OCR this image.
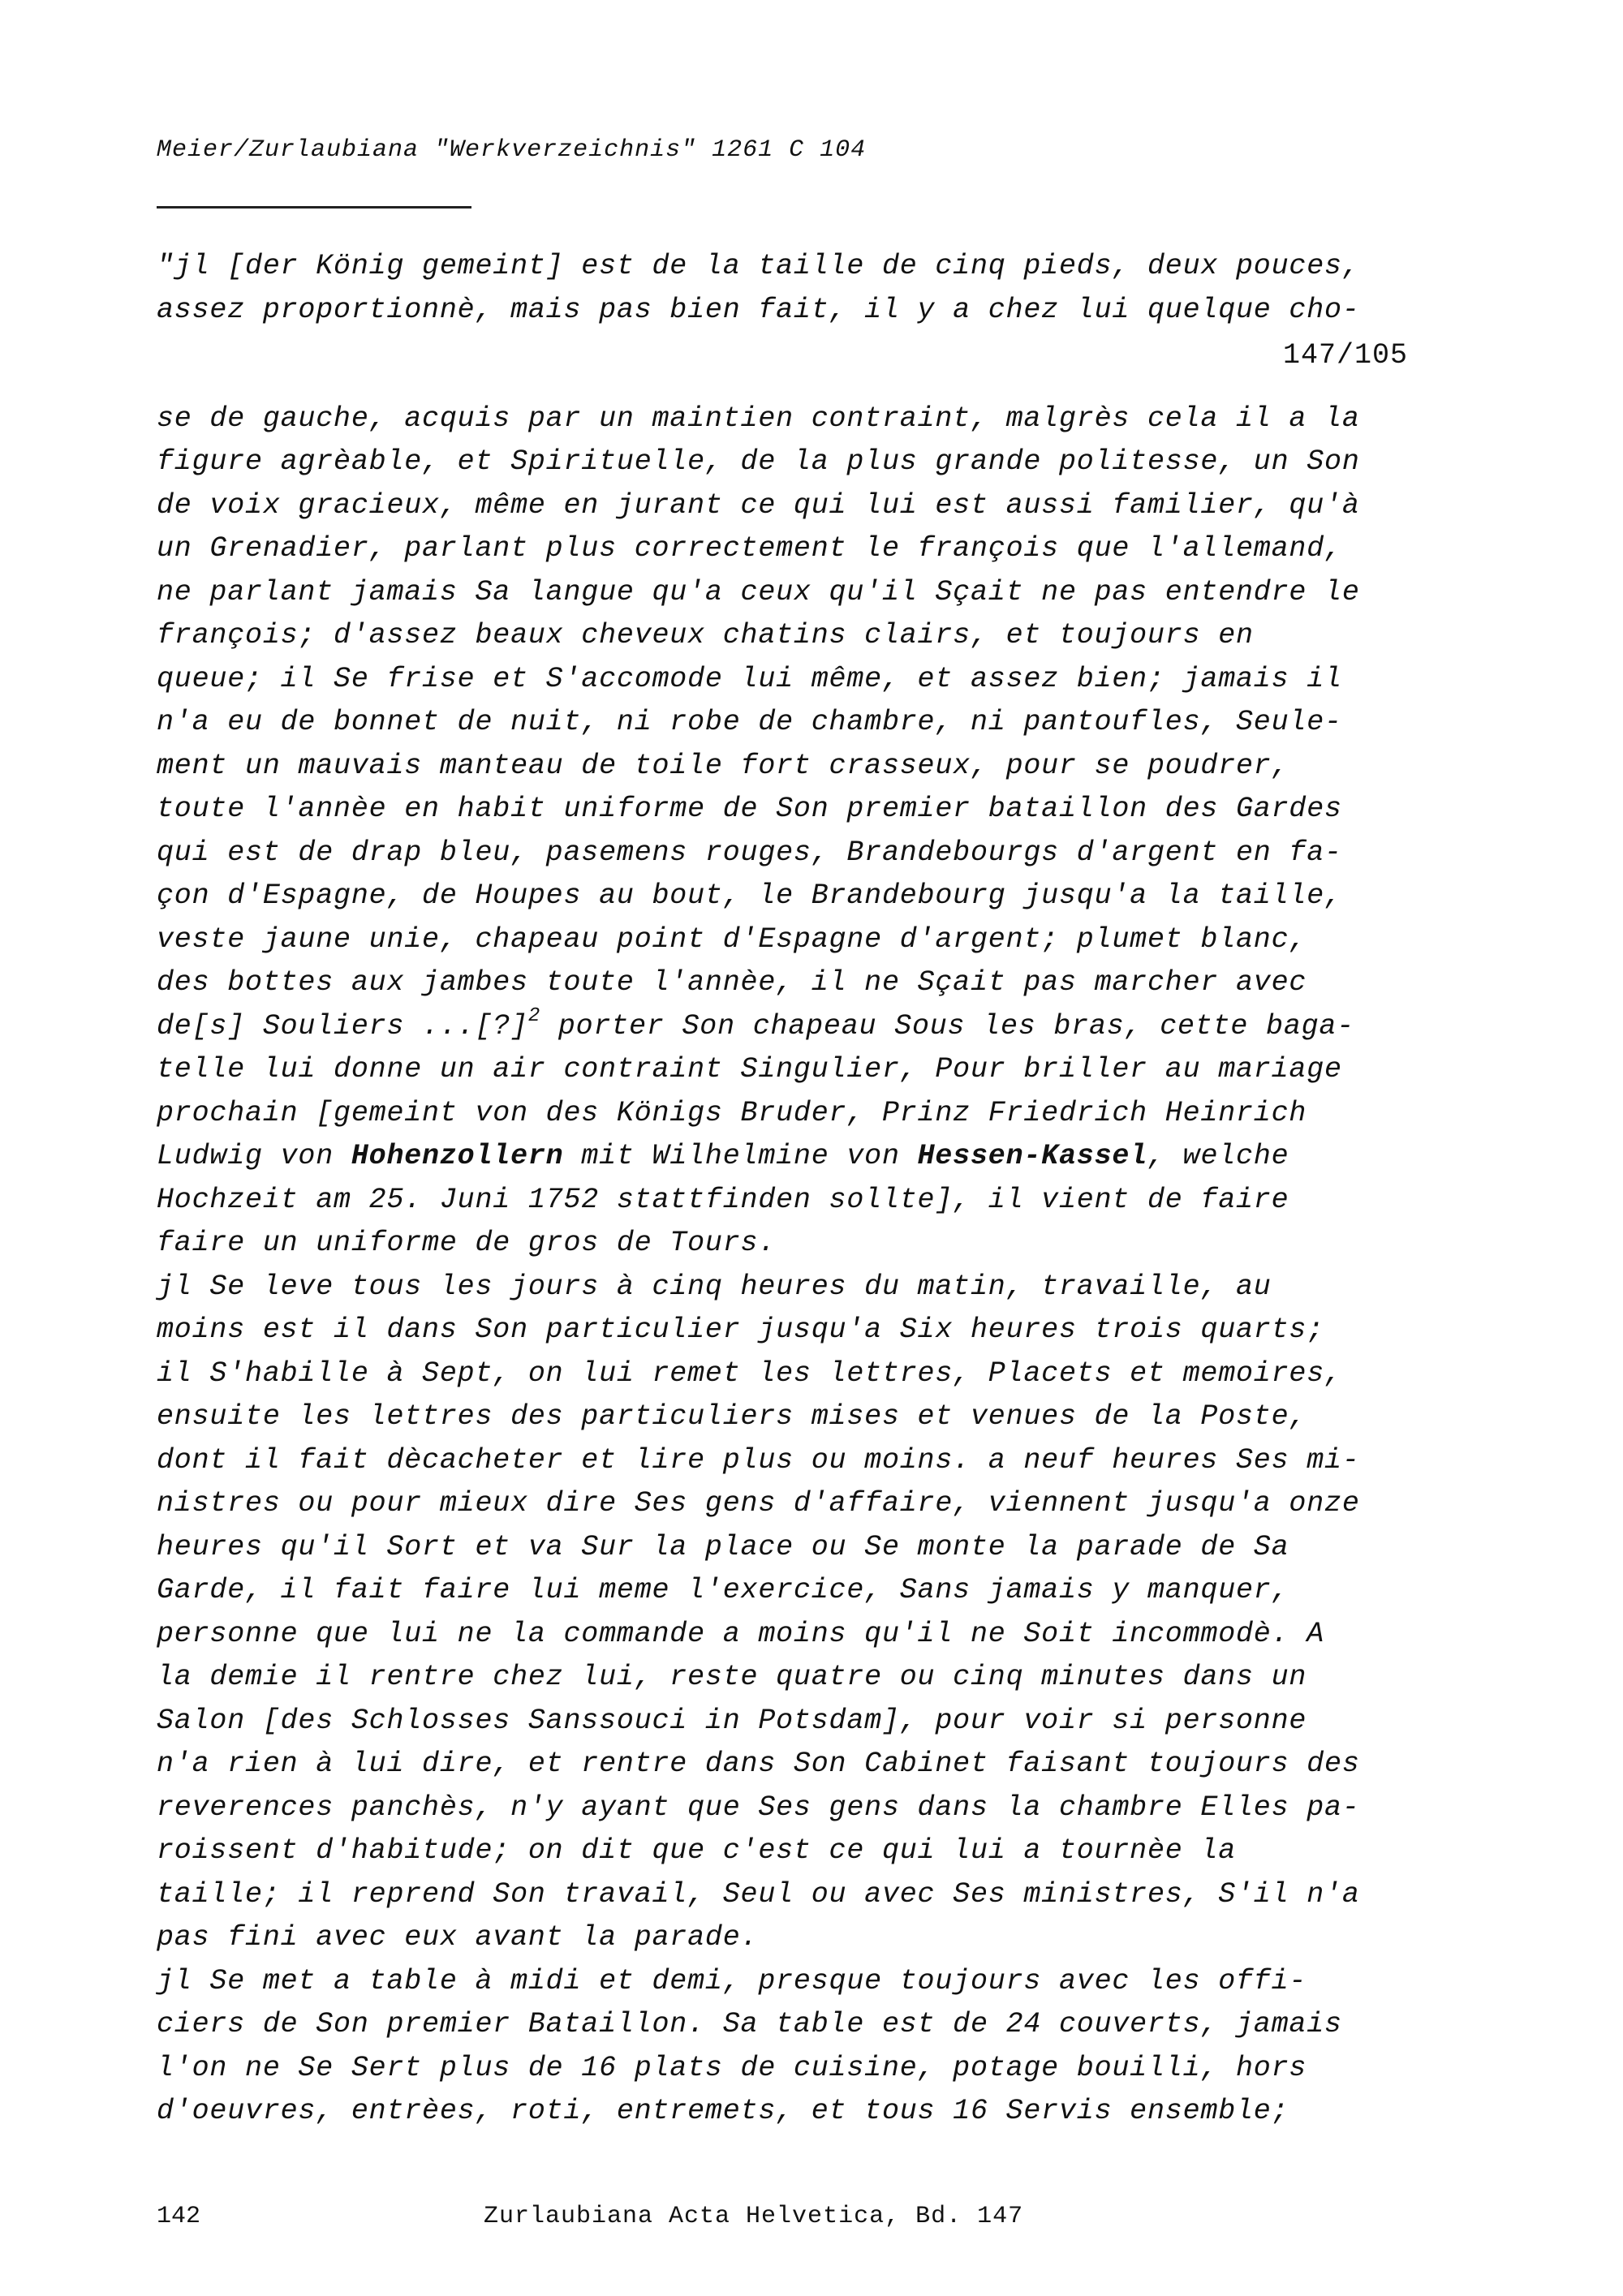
Meier/Zurlaubiana "Werkverzeichnis" 1261 C 104
"jl [der König gemeint] est de la taille de cinq pieds, deux pouces,
assez proportionnè, mais pas bien fait, il y a chez lui quelque cho-
147/105
se de gauche, acquis par un maintien contraint, malgrès cela il a la
figure agrèable, et Spirituelle, de la plus grande politesse, un Son
de voix gracieux, même en jurant ce qui lui est aussi familier, qu'à
un Grenadier, parlant plus correctement le françois que l'allemand,
ne parlant jamais Sa langue qu'a ceux qu'il Sçait ne pas entendre le
françois; d'assez beaux cheveux chatins clairs, et toujours en
queue; il Se frise et S'accomode lui même, et assez bien; jamais il
n'a eu de bonnet de nuit, ni robe de chambre, ni pantoufles, Seule-
ment un mauvais manteau de toile fort crasseux, pour se poudrer,
toute l'annèe en habit uniforme de Son premier bataillon des Gardes
qui est de drap bleu, pasemens rouges, Brandebourgs d'argent en fa-
çon d'Espagne, de Houpes au bout, le Brandebourg jusqu'a la taille,
veste jaune unie, chapeau point d'Espagne d'argent; plumet blanc,
des bottes aux jambes toute l'annèe, il ne Sçait pas marcher avec
de[s] Souliers ...[?]$^2$ porter Son chapeau Sous les bras, cette baga-
telle lui donne un air contraint Singulier, Pour briller au mariage
prochain [gemeint von des Königs Bruder, Prinz Friedrich Heinrich
Ludwig von Hohenzollern mit Wilhelmine von Hessen-Kassel, welche
Hochzeit am 25. Juni 1752 stattfinden sollte], il vient de faire
faire un uniforme de gros de Tours.
jl Se leve tous les jours à cinq heures du matin, travaille, au
moins est il dans Son particulier jusqu'a Six heures trois quarts;
il S'habille à Sept, on lui remet les lettres, Placets et memoires,
ensuite les lettres des particuliers mises et venues de la Poste,
dont il fait dècacheter et lire plus ou moins. a neuf heures Ses mi-
nistres ou pour mieux dire Ses gens d'affaire, viennent jusqu'a onze
heures qu'il Sort et va Sur la place ou Se monte la parade de Sa
Garde, il fait faire lui meme l'exercice, Sans jamais y manquer,
personne que lui ne la commande a moins qu'il ne Soit incommodè. A
la demie il rentre chez lui, reste quatre ou cinq minutes dans un
Salon [des Schlosses Sanssouci in Potsdam], pour voir si personne
n'a rien à lui dire, et rentre dans Son Cabinet faisant toujours des
reverences panchès, n'y ayant que Ses gens dans la chambre Elles pa-
roissent d'habitude; on dit que c'est ce qui lui a tournèe la
taille; il reprend Son travail, Seul ou avec Ses ministres, S'il n'a
pas fini avec eux avant la parade.
jl Se met a table à midi et demi, presque toujours avec les offi-
ciers de Son premier Bataillon. Sa table est de 24 couverts, jamais
l'on ne Se Sert plus de 16 plats de cuisine, potage bouilli, hors
d'oeuvres, entrèes, roti, entremets, et tous 16 Servis ensemble;
142	Zurlaubiana Acta Helvetica, Bd. 147
